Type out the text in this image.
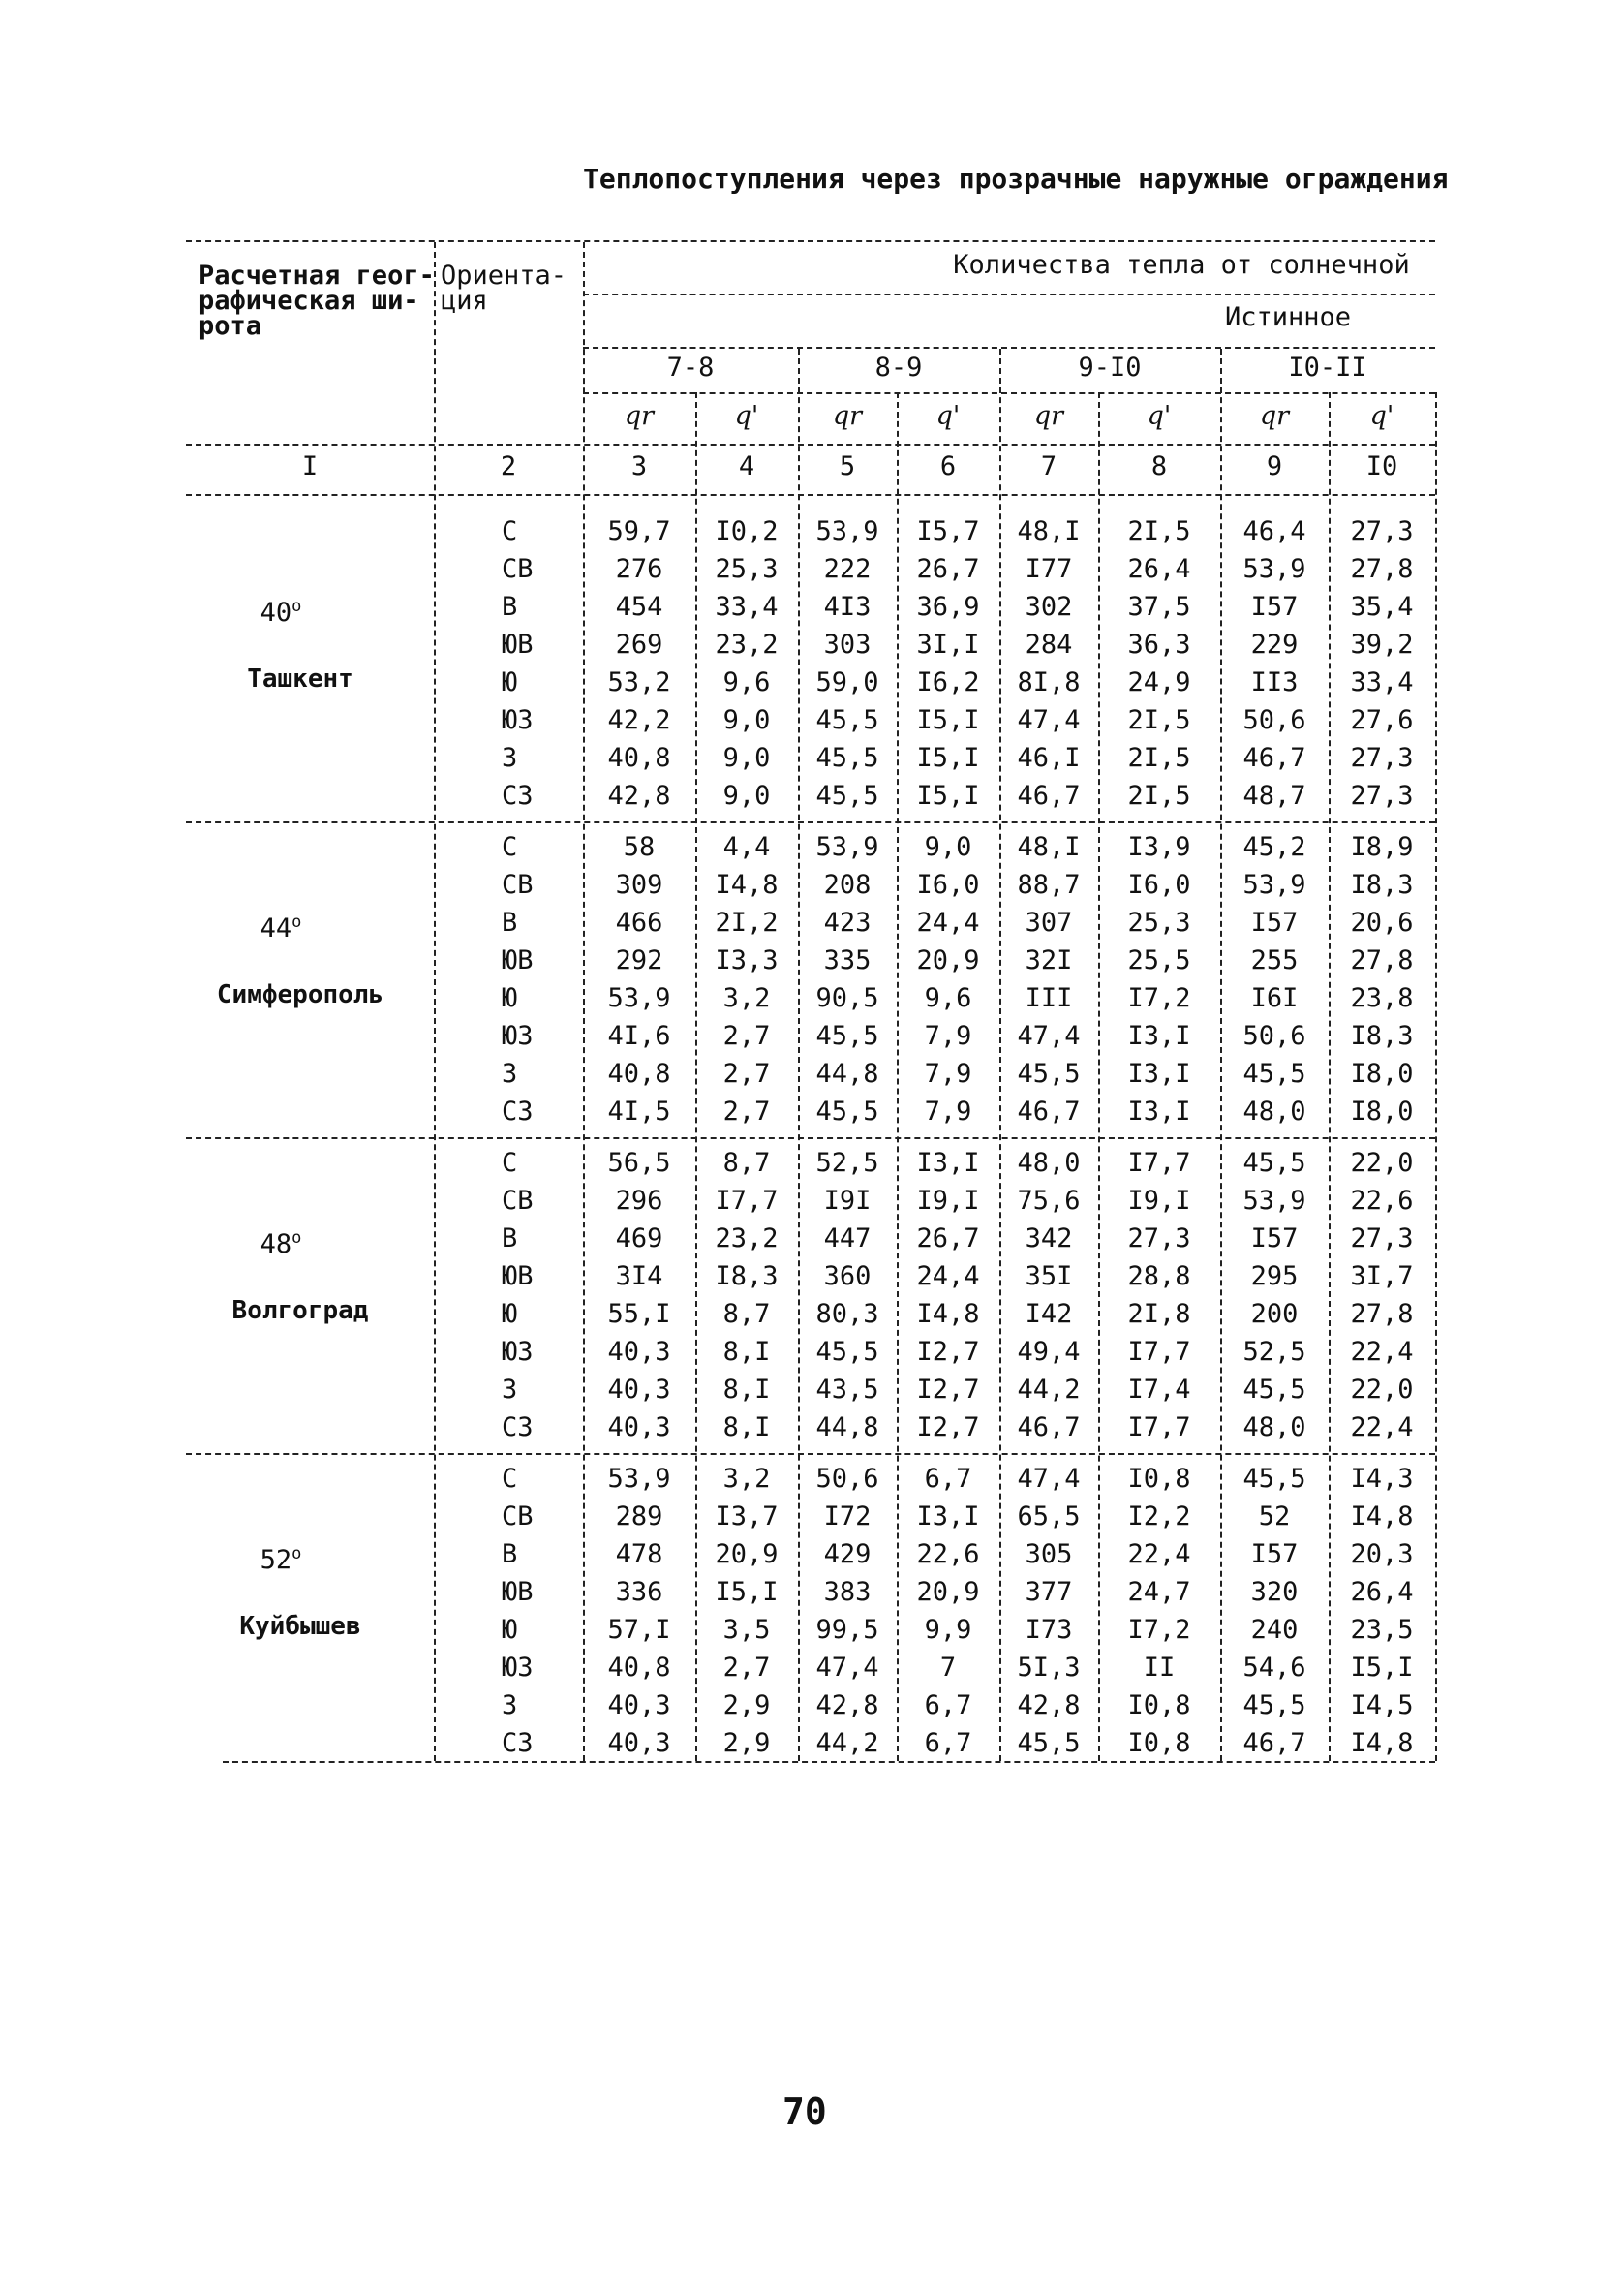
Теплопоступления через прозрачные наружные ограждения
Расчетная геог-
рафическая ши-
рота
Ориента-
ция
Количества тепла от солнечной
Истинное
7-8	8-9	9-I0	I0-II
qr	q'	qr	q'	qr	q'	qr	q'
I	2	3	4	5	6	7	8	9	I0
40$^o$
Ташкент
С	59,7	I0,2	53,9	I5,7	48,I	2I,5	46,4	27,3
СВ	276	25,3	222	26,7	I77	26,4	53,9	27,8
В	454	33,4	4I3	36,9	302	37,5	I57	35,4
ЮВ	269	23,2	303	3I,I	284	36,3	229	39,2
Ю	53,2	9,6	59,0	I6,2	8I,8	24,9	II3	33,4
ЮЗ	42,2	9,0	45,5	I5,I	47,4	2I,5	50,6	27,6
З	40,8	9,0	45,5	I5,I	46,I	2I,5	46,7	27,3
СЗ	42,8	9,0	45,5	I5,I	46,7	2I,5	48,7	27,3
44$^o$
Симферополь
С	58	4,4	53,9	9,0	48,I	I3,9	45,2	I8,9
СВ	309	I4,8	208	I6,0	88,7	I6,0	53,9	I8,3
В	466	2I,2	423	24,4	307	25,3	I57	20,6
ЮВ	292	I3,3	335	20,9	32I	25,5	255	27,8
Ю	53,9	3,2	90,5	9,6	III	I7,2	I6I	23,8
ЮЗ	4I,6	2,7	45,5	7,9	47,4	I3,I	50,6	I8,3
З	40,8	2,7	44,8	7,9	45,5	I3,I	45,5	I8,0
СЗ	4I,5	2,7	45,5	7,9	46,7	I3,I	48,0	I8,0
48$^o$
Волгоград
С	56,5	8,7	52,5	I3,I	48,0	I7,7	45,5	22,0
СВ	296	I7,7	I9I	I9,I	75,6	I9,I	53,9	22,6
В	469	23,2	447	26,7	342	27,3	I57	27,3
ЮВ	3I4	I8,3	360	24,4	35I	28,8	295	3I,7
Ю	55,I	8,7	80,3	I4,8	I42	2I,8	200	27,8
ЮЗ	40,3	8,I	45,5	I2,7	49,4	I7,7	52,5	22,4
З	40,3	8,I	43,5	I2,7	44,2	I7,4	45,5	22,0
СЗ	40,3	8,I	44,8	I2,7	46,7	I7,7	48,0	22,4
52$^o$
Куйбышев
С	53,9	3,2	50,6	6,7	47,4	I0,8	45,5	I4,3
СВ	289	I3,7	I72	I3,I	65,5	I2,2	52	I4,8
В	478	20,9	429	22,6	305	22,4	I57	20,3
ЮВ	336	I5,I	383	20,9	377	24,7	320	26,4
Ю	57,I	3,5	99,5	9,9	I73	I7,2	240	23,5
ЮЗ	40,8	2,7	47,4	7	5I,3	II	54,6	I5,I
З	40,3	2,9	42,8	6,7	42,8	I0,8	45,5	I4,5
СЗ	40,3	2,9	44,2	6,7	45,5	I0,8	46,7	I4,8
70
